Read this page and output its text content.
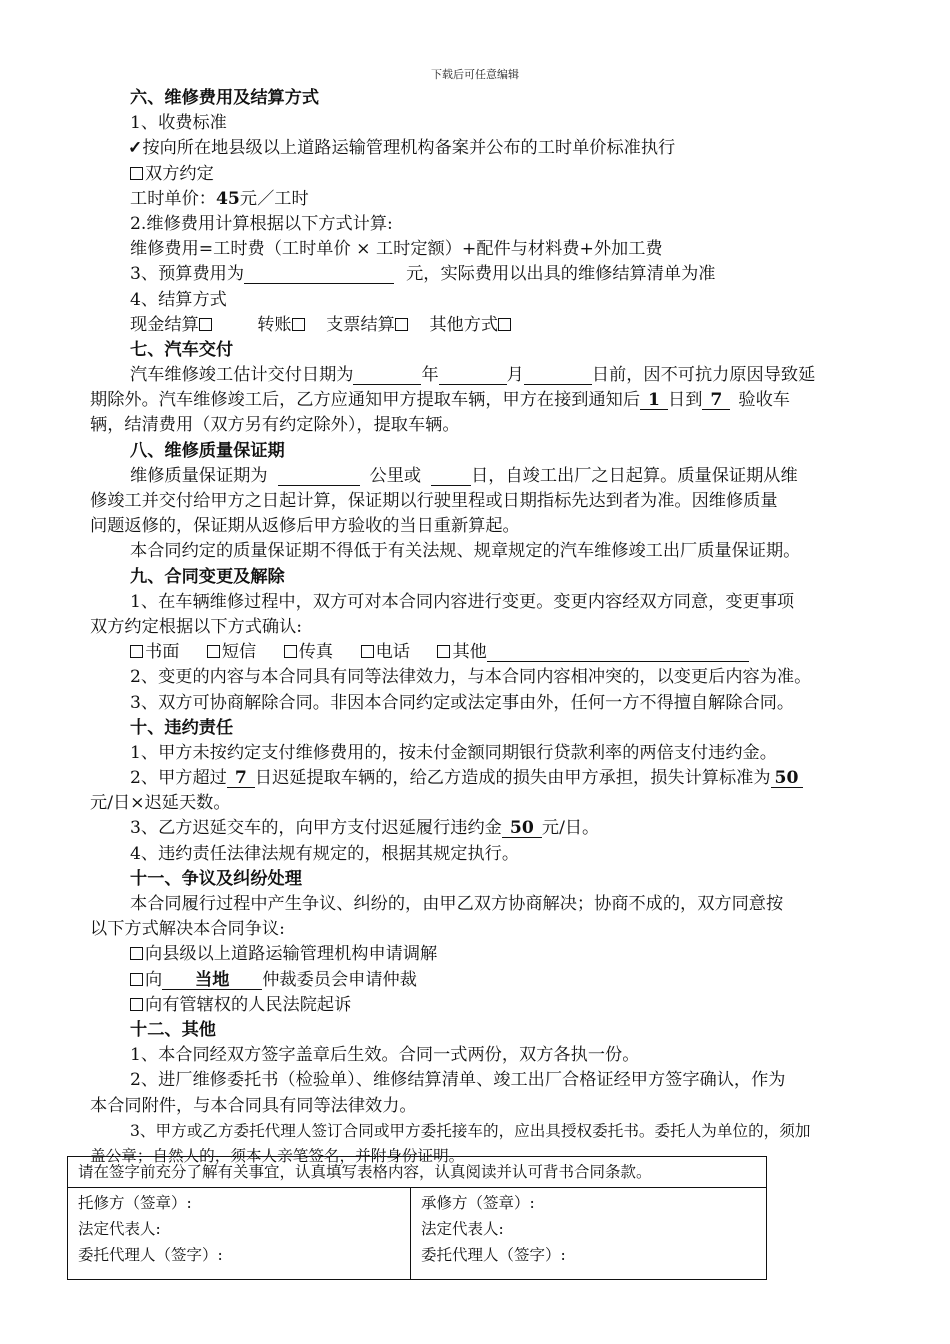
下载后可任意编辑
六、维修费用及结算方式
1、收费标准
✓按向所在地县级以上道路运输管理机构备案并公布的工时单价标准执行
双方约定
工时单价：45元／工时
2.维修费用计算根据以下方式计算:
维修费用=工时费（工时单价 × 工时定额）+配件与材料费+外加工费
3、预算费用为	元，实际费用以出具的维修结算清单为准
4、结算方式
现金结算	转账 支票结算 其他方式
七、汽车交付
汽车维修竣工估计交付日期为	年	月	日前，因不可抗力原因导致延
期除外。汽车维修竣工后，乙方应通知甲方提取车辆，甲方在接到通知后 1 日到 7 验收车
辆，结清费用（双方另有约定除外），提取车辆。
八、维修质量保证期
维修质量保证期为	公里或	日，自竣工出厂之日起算。质量保证期从维
修竣工并交付给甲方之日起计算，保证期以行驶里程或日期指标先达到者为准。因维修质量
问题返修的，保证期从返修后甲方验收的当日重新算起。
本合同约定的质量保证期不得低于有关法规、规章规定的汽车维修竣工出厂质量保证期。
九、合同变更及解除
1、在车辆维修过程中，双方可对本合同内容进行变更。变更内容经双方同意，变更事项
双方约定根据以下方式确认:
书面 短信 传真 电话 其他
2、变更的内容与本合同具有同等法律效力，与本合同内容相冲突的，以变更后内容为准。
3、双方可协商解除合同。非因本合同约定或法定事由外，任何一方不得擅自解除合同。
十、违约责任
1、甲方未按约定支付维修费用的，按未付金额同期银行贷款利率的两倍支付违约金。
2、甲方超过 7 日迟延提取车辆的，给乙方造成的损失由甲方承担，损失计算标准为 50
元/日×迟延天数。
3、乙方迟延交车的，向甲方支付迟延履行违约金 50 元/日。
4、违约责任法律法规有规定的，根据其规定执行。
十一、争议及纠纷处理
本合同履行过程中产生争议、纠纷的，由甲乙双方协商解决；协商不成的，双方同意按
以下方式解决本合同争议:
向县级以上道路运输管理机构申请调解
向 当地 仲裁委员会申请仲裁
向有管辖权的人民法院起诉
十二、其他
1、本合同经双方签字盖章后生效。合同一式两份，双方各执一份。
2、进厂维修委托书（检验单）、维修结算清单、竣工出厂合格证经甲方签字确认，作为
本合同附件，与本合同具有同等法律效力。
3、甲方或乙方委托代理人签订合同或甲方委托接车的，应出具授权委托书。委托人为单位的，须加
盖公章；自然人的，须本人亲笔签名，并附身份证明。
请在签字前充分了解有关事宜，认真填写表格内容，认真阅读并认可背书合同条款。

托修方（签章）:
法定代表人:
委托代理人（签字）:

承修方（签章）:
法定代表人:
委托代理人（签字）:
